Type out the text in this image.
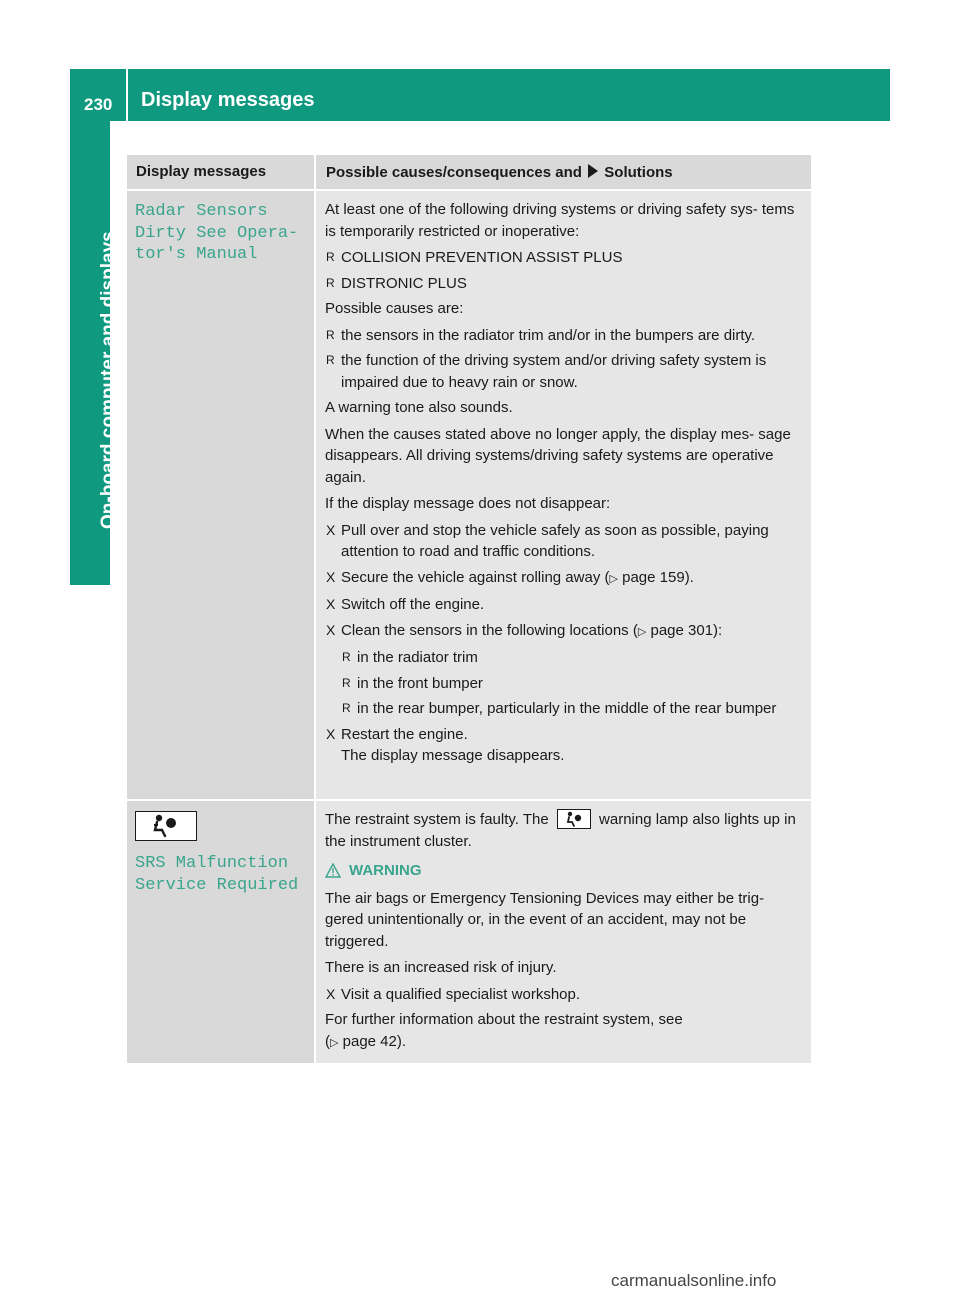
230 Display messages
On-board computer and displays
Display messages	Possible causes/consequences and Solutions
Radar Sensors
Dirty See Opera‐
tor's Manual

At least one of the following driving systems or driving safety sys- tems is temporarily restricted or inoperative:

R COLLISION PREVENTION ASSIST PLUS
R DISTRONIC PLUS

Possible causes are:

R the sensors in the radiator trim and/or in the bumpers are dirty.
R the function of the driving system and/or driving safety system is impaired due to heavy rain or snow.

A warning tone also sounds.

When the causes stated above no longer apply, the display mes- sage disappears. All driving systems/driving safety systems are operative again.

If the display message does not disappear:

X Pull over and stop the vehicle safely as soon as possible, paying attention to road and traffic conditions.
X Secure the vehicle against rolling away (▷ page 159).
X Switch off the engine.
X Clean the sensors in the following locations (▷ page 301):
R in the radiator trim
R in the front bumper
R in the rear bumper, particularly in the middle of the rear bumper
X Restart the engine.
The display message disappears.
SRS Malfunction
Service Required

The restraint system is faulty. The	warning lamp also lights up in the instrument cluster.

WARNING

The air bags or Emergency Tensioning Devices may either be trig- gered unintentionally or, in the event of an accident, may not be triggered.

There is an increased risk of injury.

X Visit a qualified specialist workshop.

For further information about the restraint system, see

(▷ page 42).

carmanualsonline.info
